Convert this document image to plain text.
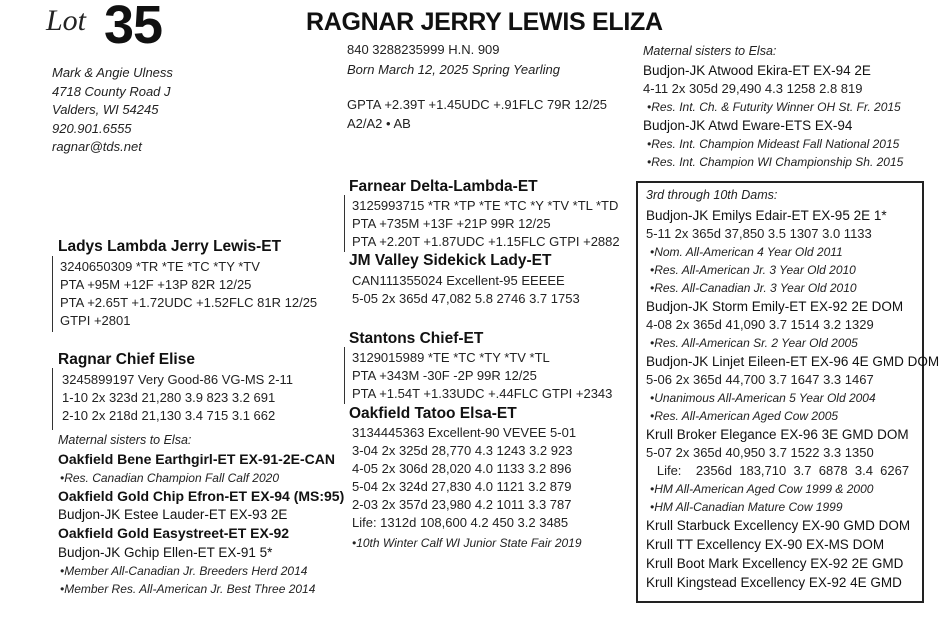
Lot 35	RAGNAR JERRY LEWIS ELIZA
Mark & Angie Ulness
4718 County Road J
Valders, WI 54245
920.901.6555
ragnar@tds.net
840 3288235999 H.N. 909
Born March 12, 2025 Spring Yearling
GPTA +2.39T +1.45UDC +.91FLC 79R 12/25
A2/A2 • AB
Ladys Lambda Jerry Lewis-ET
3240650309 *TR *TE *TC *TY *TV
PTA +95M +12F +13P 82R 12/25
PTA +2.65T +1.72UDC +1.52FLC 81R 12/25
GTPI +2801
Ragnar Chief Elise
3245899197 Very Good-86 VG-MS 2-11
1-10 2x 323d 21,280 3.9 823 3.2 691
2-10 2x 218d 21,130 3.4 715 3.1 662
Maternal sisters to Elsa:
Oakfield Bene Earthgirl-ET EX-91-2E-CAN
•Res. Canadian Champion Fall Calf 2020
Oakfield Gold Chip Efron-ET EX-94 (MS:95)
Budjon-JK Estee Lauder-ET EX-93 2E
Oakfield Gold Easystreet-ET EX-92
Budjon-JK Gchip Ellen-ET EX-91 5*
•Member All-Canadian Jr. Breeders Herd 2014
•Member Res. All-American Jr. Best Three 2014
Farnear Delta-Lambda-ET
3125993715 *TR *TP *TE *TC *Y *TV *TL *TD
PTA +735M +13F +21P 99R 12/25
PTA +2.20T +1.87UDC +1.15FLC GTPI +2882
JM Valley Sidekick Lady-ET
CAN111355024 Excellent-95 EEEEE
5-05 2x 365d 47,082 5.8 2746 3.7 1753
Stantons Chief-ET
3129015989 *TE *TC *TY *TV *TL
PTA +343M -30F -2P 99R 12/25
PTA +1.54T +1.33UDC +.44FLC GTPI +2343
Oakfield Tatoo Elsa-ET
3134445363 Excellent-90 VEVEE 5-01
3-04 2x 325d 28,770 4.3 1243 3.2 923
4-05 2x 306d 28,020 4.0 1133 3.2 896
5-04 2x 324d 27,830 4.0 1121 3.2 879
2-03 2x 357d 23,980 4.2 1011 3.3 787
Life: 1312d 108,600 4.2 450 3.2 3485
•10th Winter Calf WI Junior State Fair 2019
Maternal sisters to Elsa:
Budjon-JK Atwood Ekira-ET EX-94 2E
4-11 2x 305d 29,490 4.3 1258 2.8 819
•Res. Int. Ch. & Futurity Winner OH St. Fr. 2015
Budjon-JK Atwd Eware-ETS EX-94
•Res. Int. Champion Mideast Fall National 2015
•Res. Int. Champion WI Championship Sh. 2015
3rd through 10th Dams:
Budjon-JK Emilys Edair-ET EX-95 2E 1*
5-11 2x 365d 37,850 3.5 1307 3.0 1133
•Nom. All-American 4 Year Old 2011
•Res. All-American Jr. 3 Year Old 2010
•Res. All-Canadian Jr. 3 Year Old 2010
Budjon-JK Storm Emily-ET EX-92 2E DOM
4-08 2x 365d 41,090 3.7 1514 3.2 1329
•Res. All-American Sr. 2 Year Old 2005
Budjon-JK Linjet Eileen-ET EX-96 4E GMD DOM
5-06 2x 365d 44,700 3.7 1647 3.3 1467
•Unanimous All-American 5 Year Old 2004
•Res. All-American Aged Cow 2005
Krull Broker Elegance EX-96 3E GMD DOM
5-07 2x 365d 40,950 3.7 1522 3.3 1350
Life:    2356d  183,710  3.7  6878  3.4  6267
•HM All-American Aged Cow 1999 & 2000
•HM All-Canadian Mature Cow 1999
Krull Starbuck Excellency EX-90 GMD DOM
Krull TT Excellency EX-90 EX-MS DOM
Krull Boot Mark Excellency EX-92 2E GMD
Krull Kingstead Excellency EX-92 4E GMD
